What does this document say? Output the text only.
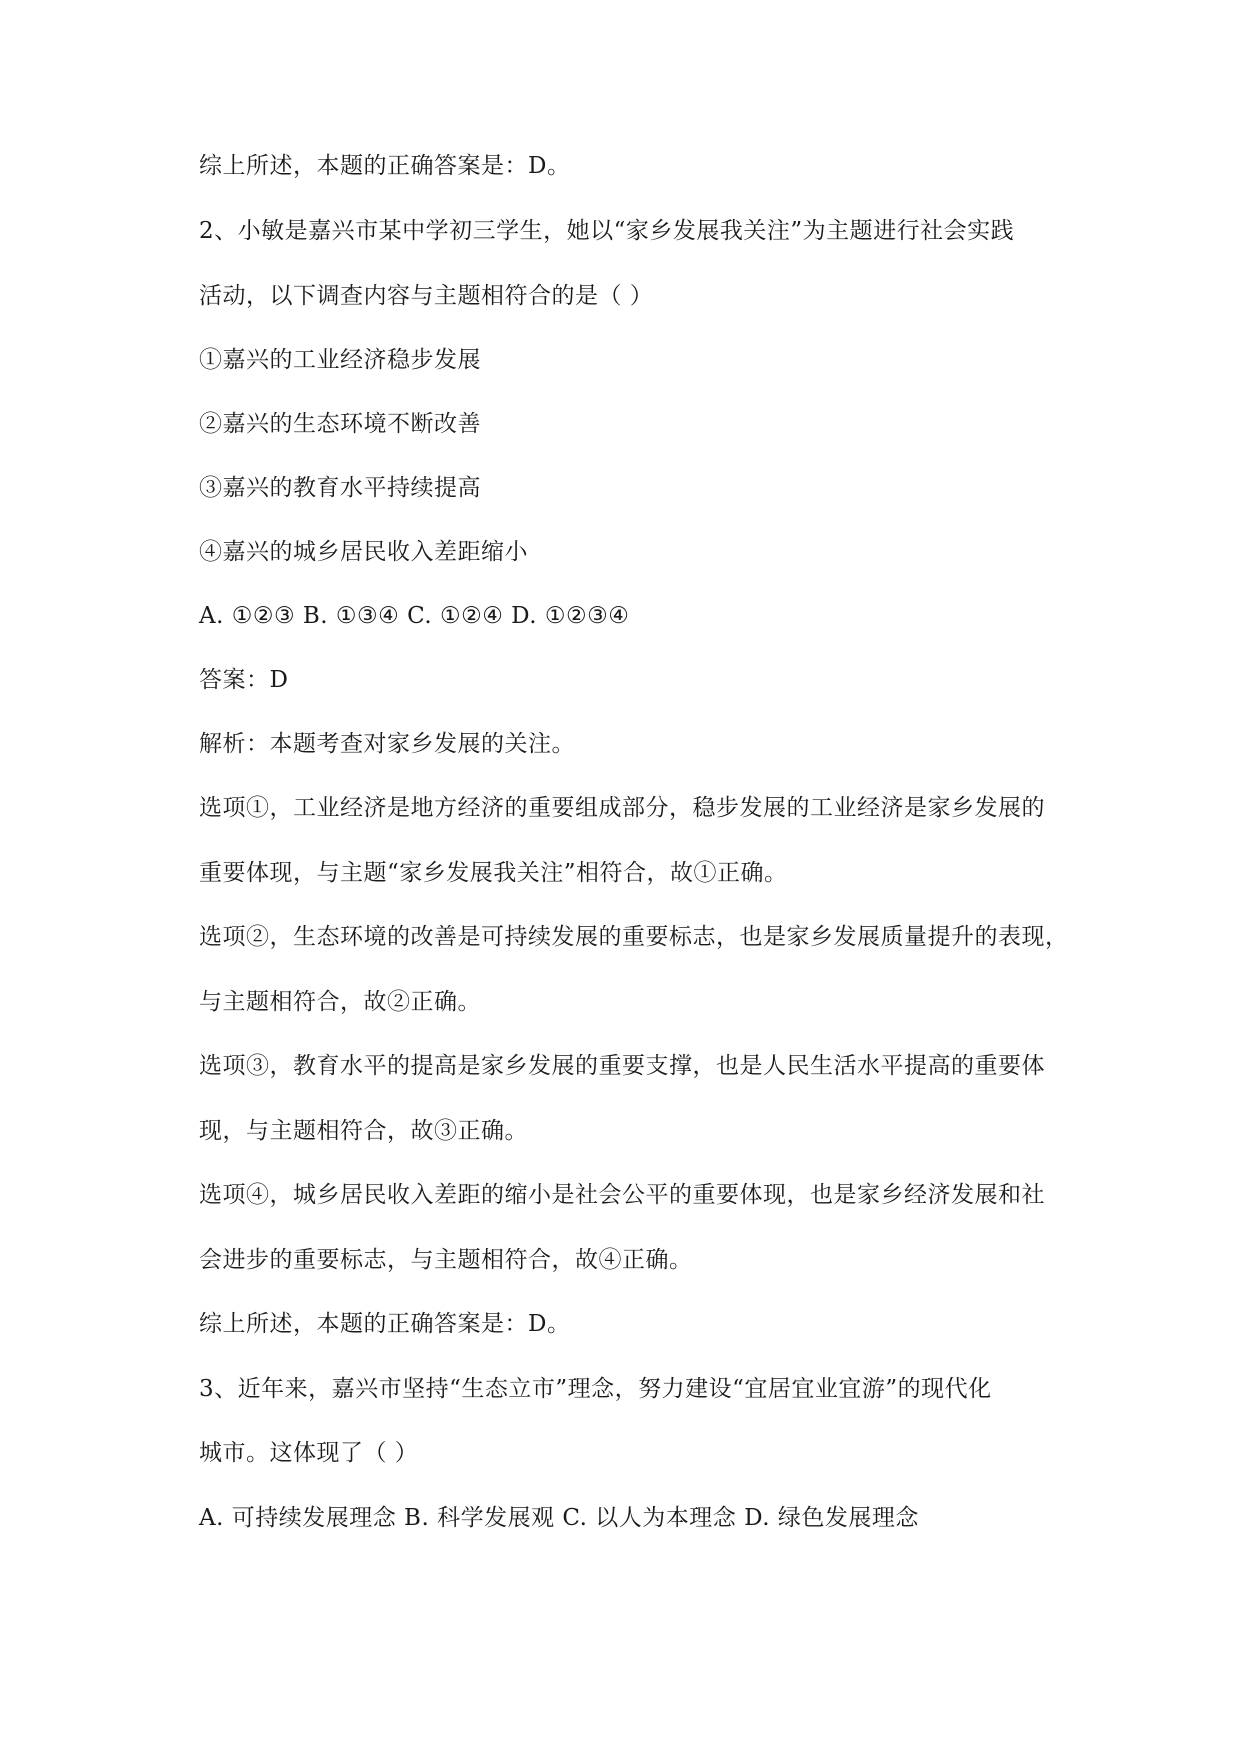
综上所述，本题的正确答案是：D。
2、小敏是嘉兴市某中学初三学生，她以“家乡发展我关注”为主题进行社会实践
活动，以下调查内容与主题相符合的是（ ）
①嘉兴的工业经济稳步发展
②嘉兴的生态环境不断改善
③嘉兴的教育水平持续提高
④嘉兴的城乡居民收入差距缩小
A. ①②③ B. ①③④ C. ①②④ D. ①②③④
答案：D
解析：本题考查对家乡发展的关注。
选项①，工业经济是地方经济的重要组成部分，稳步发展的工业经济是家乡发展的
重要体现，与主题“家乡发展我关注”相符合，故①正确。
选项②，生态环境的改善是可持续发展的重要标志，也是家乡发展质量提升的表现，
与主题相符合，故②正确。
选项③，教育水平的提高是家乡发展的重要支撑，也是人民生活水平提高的重要体
现，与主题相符合，故③正确。
选项④，城乡居民收入差距的缩小是社会公平的重要体现，也是家乡经济发展和社
会进步的重要标志，与主题相符合，故④正确。
综上所述，本题的正确答案是：D。
3、近年来，嘉兴市坚持“生态立市”理念，努力建设“宜居宜业宜游”的现代化
城市。这体现了（ ）
A. 可持续发展理念 B. 科学发展观 C. 以人为本理念 D. 绿色发展理念
